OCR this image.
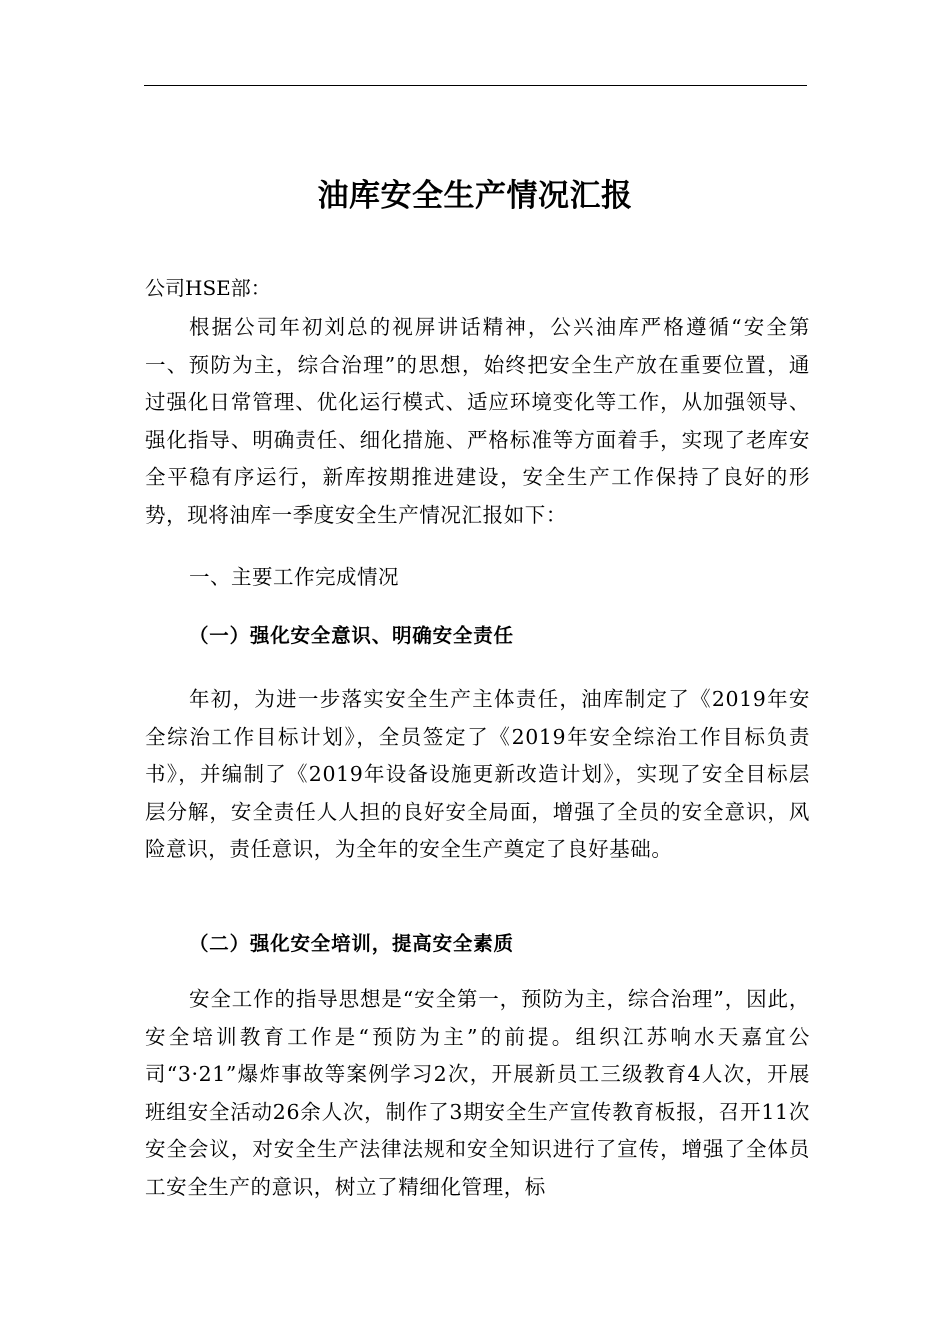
油库安全生产情况汇报

公司HSE部：

根据公司年初刘总的视屏讲话精神，公兴油库严格遵循“安全第一、预防为主，综合治理”的思想，始终把安全生产放在重要位置，通过强化日常管理、优化运行模式、适应环境变化等工作，从加强领导、强化指导、明确责任、细化措施、严格标准等方面着手，实现了老库安全平稳有序运行，新库按期推进建设，安全生产工作保持了良好的形势，现将油库一季度安全生产情况汇报如下：

一、主要工作完成情况
（一）强化安全意识、明确安全责任

年初，为进一步落实安全生产主体责任，油库制定了《2019年安全综治工作目标计划》，全员签定了《2019年安全综治工作目标负责书》，并编制了《2019年设备设施更新改造计划》，实现了安全目标层层分解，安全责任人人担的良好安全局面，增强了全员的安全意识，风险意识，责任意识，为全年的安全生产奠定了良好基础。

（二）强化安全培训，提高安全素质

安全工作的指导思想是“安全第一，预防为主，综合治理”，因此，安全培训教育工作是“预防为主”的前提。组织江苏响水天嘉宜公司“3·21”爆炸事故等案例学习2次，开展新员工三级教育4人次，开展班组安全活动26余人次，制作了3期安全生产宣传教育板报，召开11次安全会议，对安全生产法律法规和安全知识进行了宣传，增强了全体员工安全生产的意识，树立了精细化管理，标
